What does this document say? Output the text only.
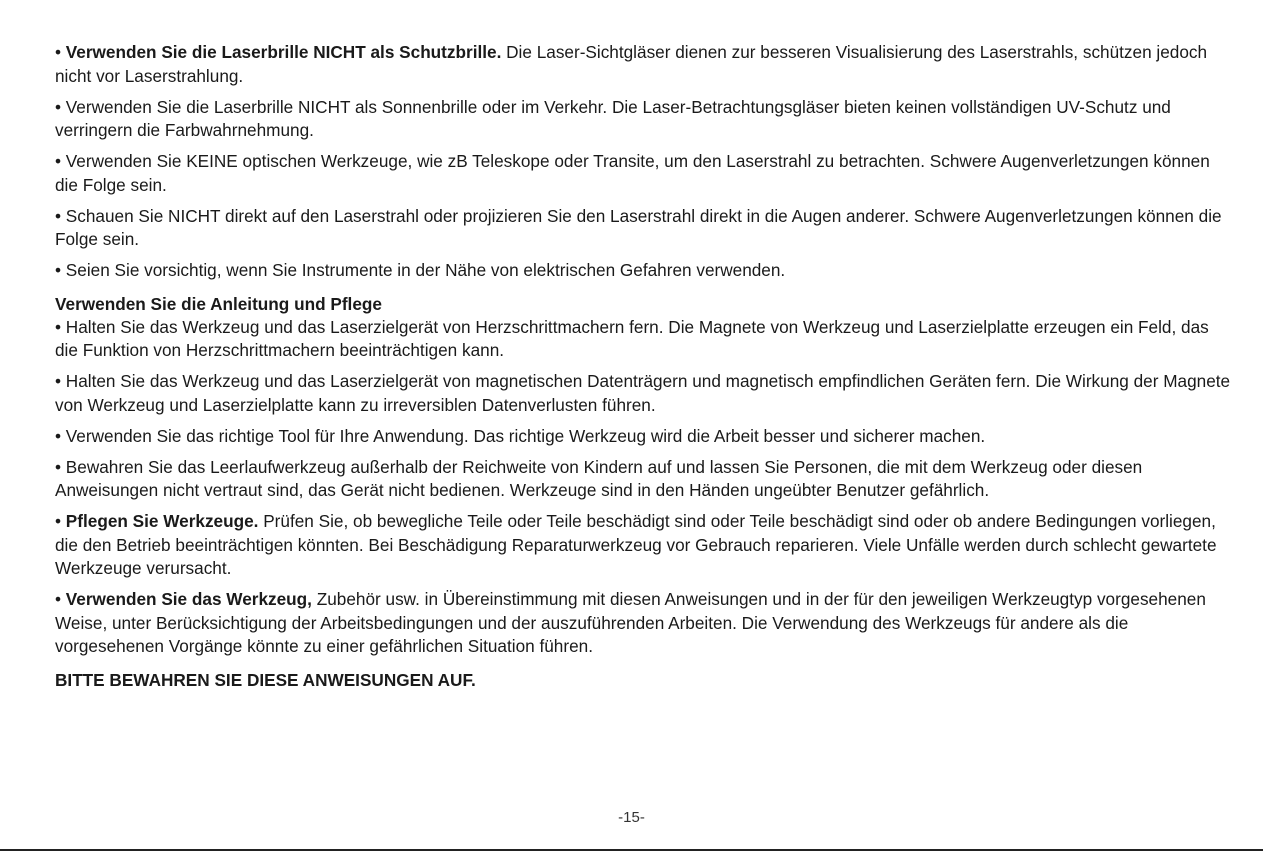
• Verwenden Sie die Laserbrille NICHT als Schutzbrille. Die Laser-Sichtgläser dienen zur besseren Visualisierung des Laserstrahls, schützen jedoch nicht vor Laserstrahlung.

• Verwenden Sie die Laserbrille NICHT als Sonnenbrille oder im Verkehr. Die Laser-Betrachtungsgläser bieten keinen vollständigen UV-Schutz und verringern die Farbwahrnehmung.

• Verwenden Sie KEINE optischen Werkzeuge, wie zB Teleskope oder Transite, um den Laserstrahl zu betrachten. Schwere Augenverletzungen können die Folge sein.

• Schauen Sie NICHT direkt auf den Laserstrahl oder projizieren Sie den Laserstrahl direkt in die Augen anderer. Schwere Augenverletzungen können die Folge sein.

• Seien Sie vorsichtig, wenn Sie Instrumente in der Nähe von elektrischen Gefahren verwenden.

Verwenden Sie die Anleitung und Pflege

• Halten Sie das Werkzeug und das Laserzielgerät von Herzschrittmachern fern. Die Magnete von Werkzeug und Laserzielplatte erzeugen ein Feld, das die Funktion von Herzschrittmachern beeinträchtigen kann.

• Halten Sie das Werkzeug und das Laserzielgerät von magnetischen Datenträgern und magnetisch empfindlichen Geräten fern. Die Wirkung der Magnete von Werkzeug und Laserzielplatte kann zu irreversiblen Datenverlusten führen.

• Verwenden Sie das richtige Tool für Ihre Anwendung. Das richtige Werkzeug wird die Arbeit besser und sicherer machen.

• Bewahren Sie das Leerlaufwerkzeug außerhalb der Reichweite von Kindern auf und lassen Sie Personen, die mit dem Werkzeug oder diesen Anweisungen nicht vertraut sind, das Gerät nicht bedienen. Werkzeuge sind in den Händen ungeübter Benutzer gefährlich.

• Pflegen Sie Werkzeuge. Prüfen Sie, ob bewegliche Teile oder Teile beschädigt sind oder Teile beschädigt sind oder ob andere Bedingungen vorliegen, die den Betrieb beeinträchtigen könnten. Bei Beschädigung Reparaturwerkzeug vor Gebrauch reparieren. Viele Unfälle werden durch schlecht gewartete Werkzeuge verursacht.

• Verwenden Sie das Werkzeug, Zubehör usw. in Übereinstimmung mit diesen Anweisungen und in der für den jeweiligen Werkzeugtyp vorgesehenen Weise, unter Berücksichtigung der Arbeitsbedingungen und der auszuführenden Arbeiten. Die Verwendung des Werkzeugs für andere als die vorgesehenen Vorgänge könnte zu einer gefährlichen Situation führen.

BITTE BEWAHREN SIE DIESE ANWEISUNGEN AUF.
-15-
